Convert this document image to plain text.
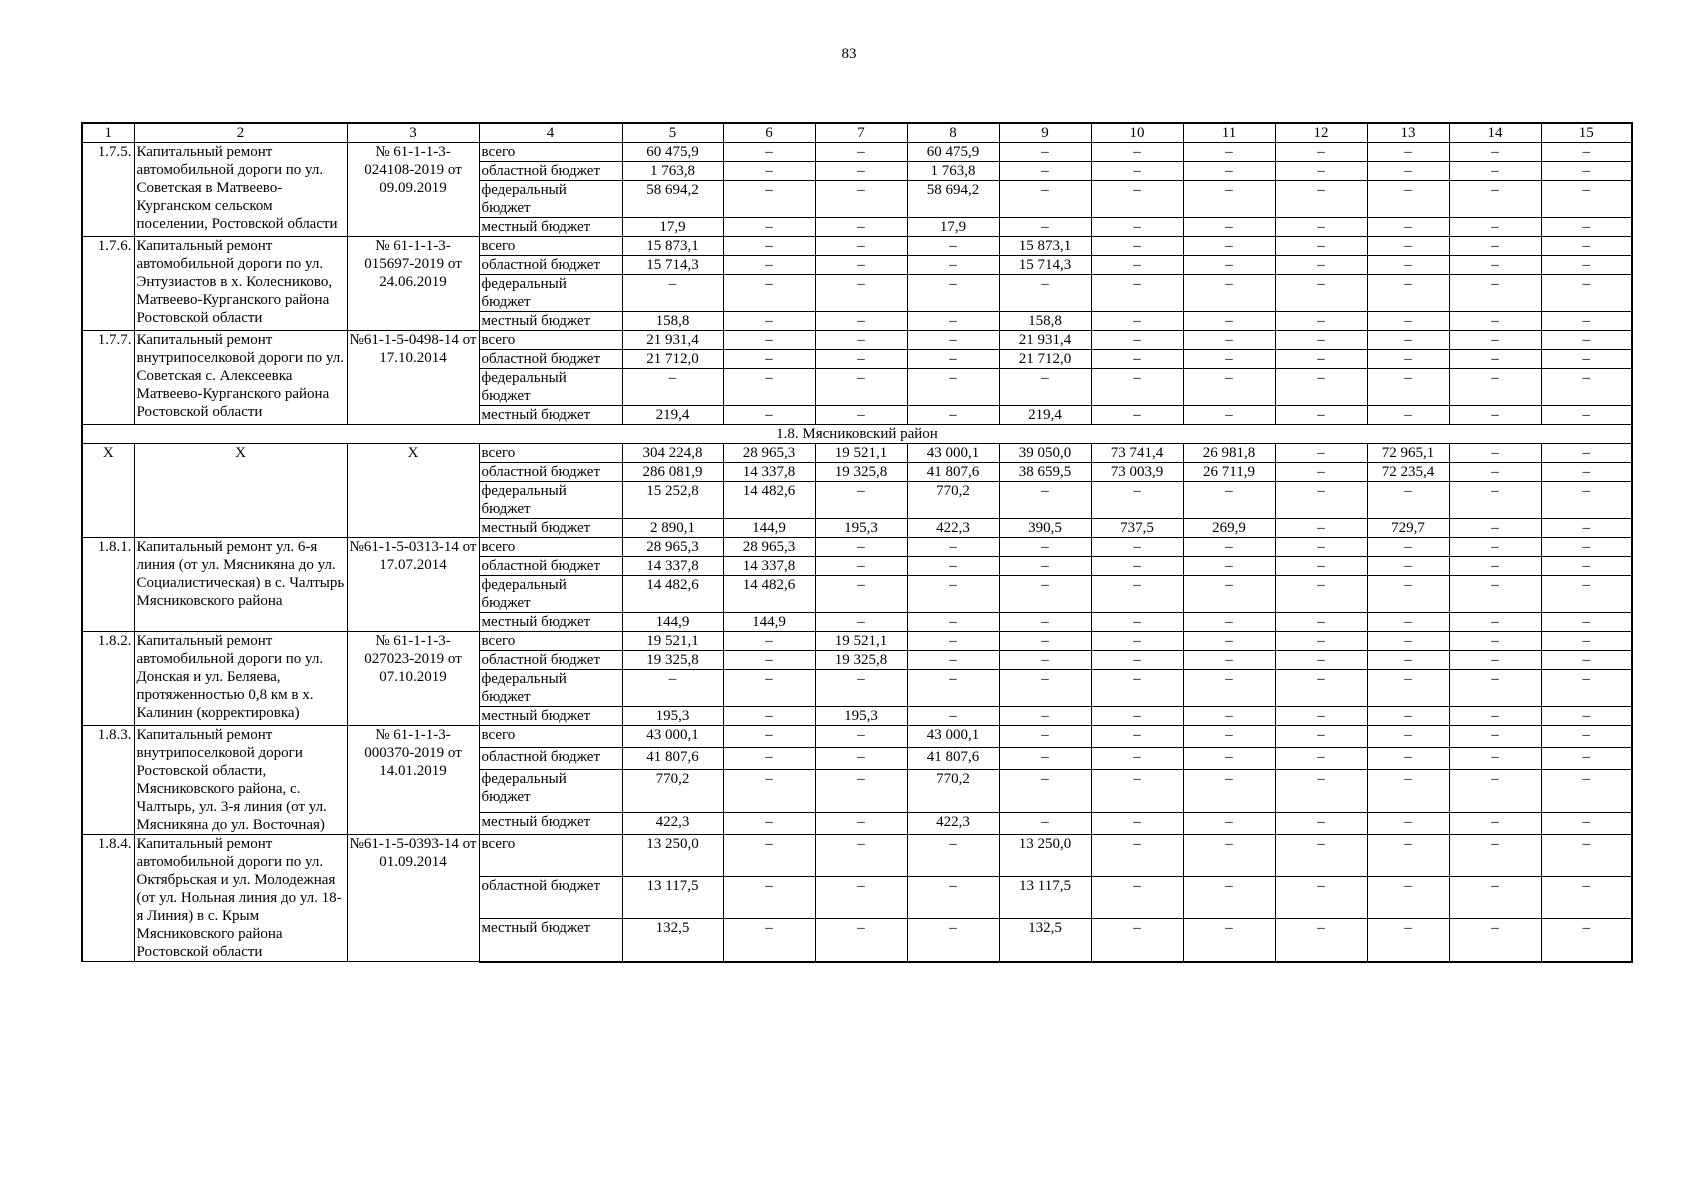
83
1	2	3	4	5	6	7	8	9	10	11	12	13	14	15
1.7.5.	Капитальный ремонт автомобильной дороги по ул. Советская в Матвеево-Курганском сельском поселении, Ростовской области	№ 61-1-1-3- 024108-2019 от 09.09.2019	всего	60 475,9	–	–	60 475,9	–	–	–	–	–	–	–
			областной бюджет	1 763,8	–	–	1 763,8	–	–	–	–	–	–	–
			федеральный бюджет	58 694,2	–	–	58 694,2	–	–	–	–	–	–	–
			местный бюджет	17,9	–	–	17,9	–	–	–	–	–	–	–
1.7.6.	Капитальный ремонт автомобильной дороги по ул. Энтузиастов в х. Колесниково, Матвеево-Курганского района Ростовской области	№ 61-1-1-3- 015697-2019 от 24.06.2019	всего	15 873,1	–	–	–	15 873,1	–	–	–	–	–	–
			областной бюджет	15 714,3	–	–	–	15 714,3	–	–	–	–	–	–
			федеральный бюджет	–	–	–	–	–	–	–	–	–	–	–
			местный бюджет	158,8	–	–	–	158,8	–	–	–	–	–	–
1.7.7.	Капитальный ремонт внутрипоселковой дороги по ул. Советская с. Алексеевка Матвеево-Курганского района Ростовской области	№61-1-5-0498-14 от 17.10.2014	всего	21 931,4	–	–	–	21 931,4	–	–	–	–	–	–
			областной бюджет	21 712,0	–	–	–	21 712,0	–	–	–	–	–	–
			федеральный бюджет	–	–	–	–	–	–	–	–	–	–	–
			местный бюджет	219,4	–	–	–	219,4	–	–	–	–	–	–
1.8. Мясниковский район														
Х	Х	Х	всего	304 224,8	28 965,3	19 521,1	43 000,1	39 050,0	73 741,4	26 981,8	–	72 965,1	–	–
			областной бюджет	286 081,9	14 337,8	19 325,8	41 807,6	38 659,5	73 003,9	26 711,9	–	72 235,4	–	–
			федеральный бюджет	15 252,8	14 482,6	–	770,2	–	–	–	–	–	–	–
			местный бюджет	2 890,1	144,9	195,3	422,3	390,5	737,5	269,9	–	729,7	–	–
1.8.1.	Капитальный ремонт ул. 6-я линия (от ул. Мясникяна до ул. Социалистическая) в с. Чалтырь Мясниковского района	№61-1-5-0313-14 от 17.07.2014	всего	28 965,3	28 965,3	–	–	–	–	–	–	–	–	–
			областной бюджет	14 337,8	14 337,8	–	–	–	–	–	–	–	–	–
			федеральный бюджет	14 482,6	14 482,6	–	–	–	–	–	–	–	–	–
			местный бюджет	144,9	144,9	–	–	–	–	–	–	–	–	–
1.8.2.	Капитальный ремонт автомобильной дороги по ул. Донская и ул. Беляева, протяженностью 0,8 км в х. Калинин (корректировка)	№ 61-1-1-3- 027023-2019 от 07.10.2019	всего	19 521,1	–	19 521,1	–	–	–	–	–	–	–	–
			областной бюджет	19 325,8	–	19 325,8	–	–	–	–	–	–	–	–
			федеральный бюджет	–	–	–	–	–	–	–	–	–	–	–
			местный бюджет	195,3	–	195,3	–	–	–	–	–	–	–	–
1.8.3.	Капитальный ремонт внутрипоселковой дороги Ростовской области, Мясниковского района, с. Чалтырь, ул. 3-я линия (от ул. Мясникяна до ул. Восточная)	№ 61-1-1-3- 000370-2019 от 14.01.2019	всего	43 000,1	–	–	43 000,1	–	–	–	–	–	–	–
			областной бюджет	41 807,6	–	–	41 807,6	–	–	–	–	–	–	–
			федеральный бюджет	770,2	–	–	770,2	–	–	–	–	–	–	–
			местный бюджет	422,3	–	–	422,3	–	–	–	–	–	–	–
1.8.4.	Капитальный ремонт автомобильной дороги по ул. Октябрьская и ул. Молодежная (от ул. Нольная линия до ул. 18-я Линия) в с. Крым Мясниковского района Ростовской области	№61-1-5-0393-14 от 01.09.2014	всего	13 250,0	–	–	–	13 250,0	–	–	–	–	–	–
			областной бюджет	13 117,5	–	–	–	13 117,5	–	–	–	–	–	–
			местный бюджет	132,5	–	–	–	132,5	–	–	–	–	–	–
